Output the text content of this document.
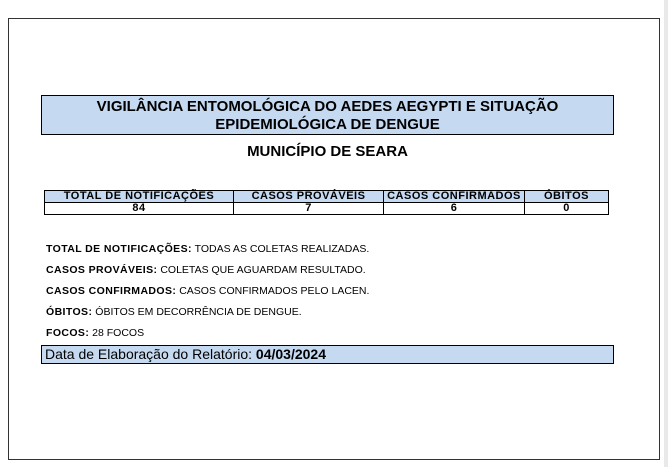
VIGILÂNCIA ENTOMOLÓGICA DO AEDES AEGYPTI E SITUAÇÃO
EPIDEMIOLÓGICA DE DENGUE
MUNICÍPIO DE SEARA
TOTAL DE NOTIFICAÇÕES	CASOS PROVÁVEIS	CASOS CONFIRMADOS	ÓBITOS
84	7	6	0
TOTAL DE NOTIFICAÇÕES: TODAS AS COLETAS REALIZADAS.
CASOS PROVÁVEIS: COLETAS QUE AGUARDAM RESULTADO.
CASOS CONFIRMADOS: CASOS CONFIRMADOS PELO LACEN.
ÓBITOS: ÓBITOS EM DECORRÊNCIA DE DENGUE.
FOCOS: 28 FOCOS
Data de Elaboração do Relatório: 04/03/2024
